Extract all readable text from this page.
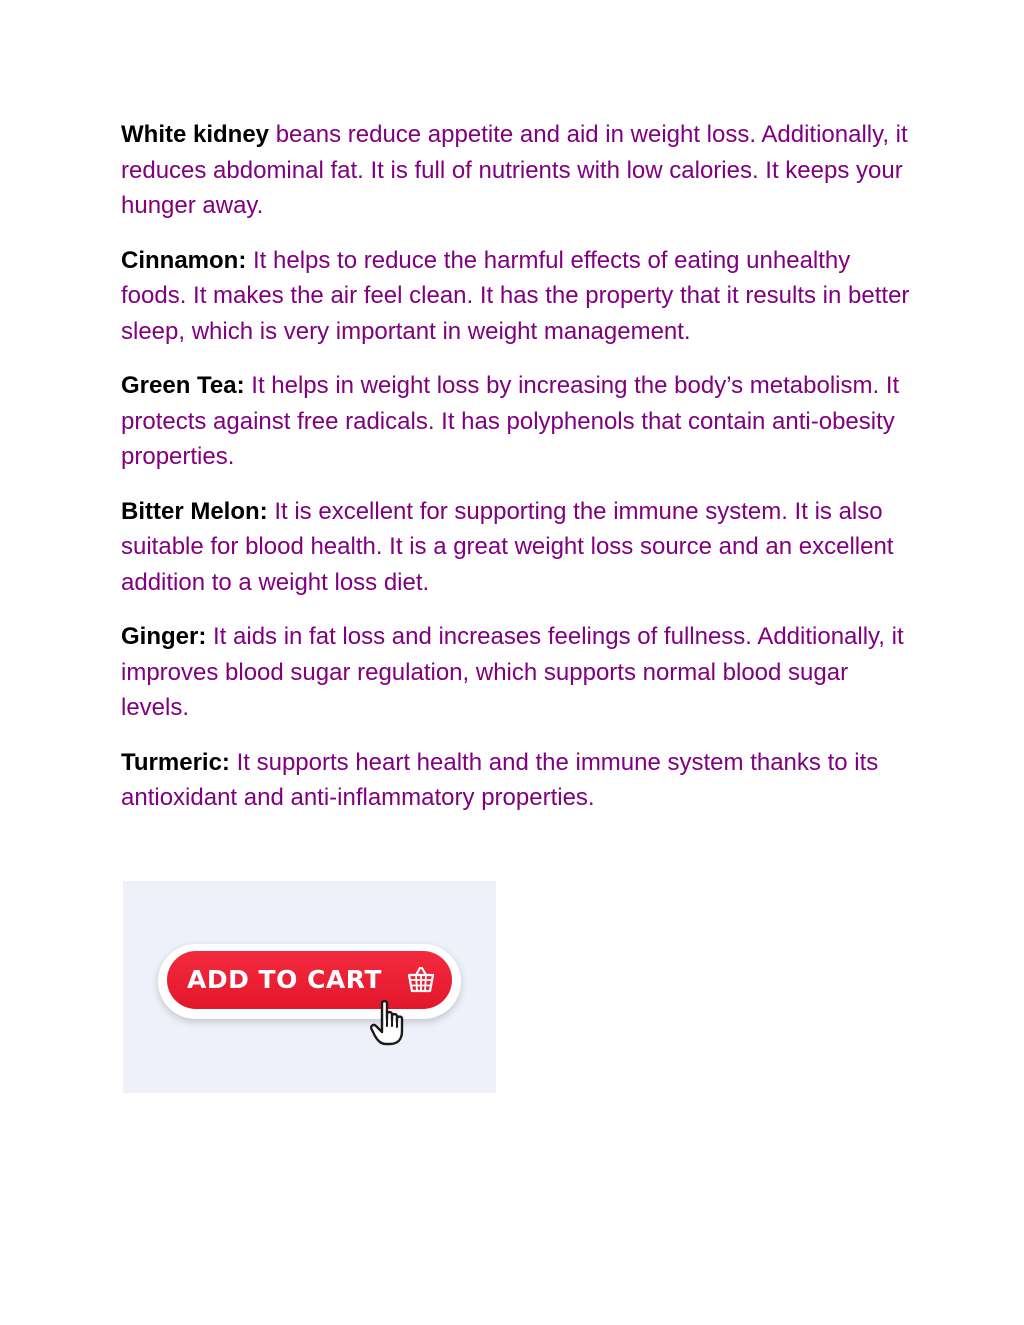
White kidney beans reduce appetite and aid in weight loss. Additionally, it reduces abdominal fat. It is full of nutrients with low calories. It keeps your hunger away.

Cinnamon: It helps to reduce the harmful effects of eating unhealthy foods. It makes the air feel clean. It has the property that it results in better sleep, which is very important in weight management.

Green Tea: It helps in weight loss by increasing the body’s metabolism. It protects against free radicals. It has polyphenols that contain anti-obesity properties.

Bitter Melon: It is excellent for supporting the immune system. It is also suitable for blood health. It is a great weight loss source and an excellent addition to a weight loss diet.

Ginger: It aids in fat loss and increases feelings of fullness. Additionally, it improves blood sugar regulation, which supports normal blood sugar levels.

Turmeric: It supports heart health and the immune system thanks to its antioxidant and anti-inflammatory properties.

ADD TO CART
